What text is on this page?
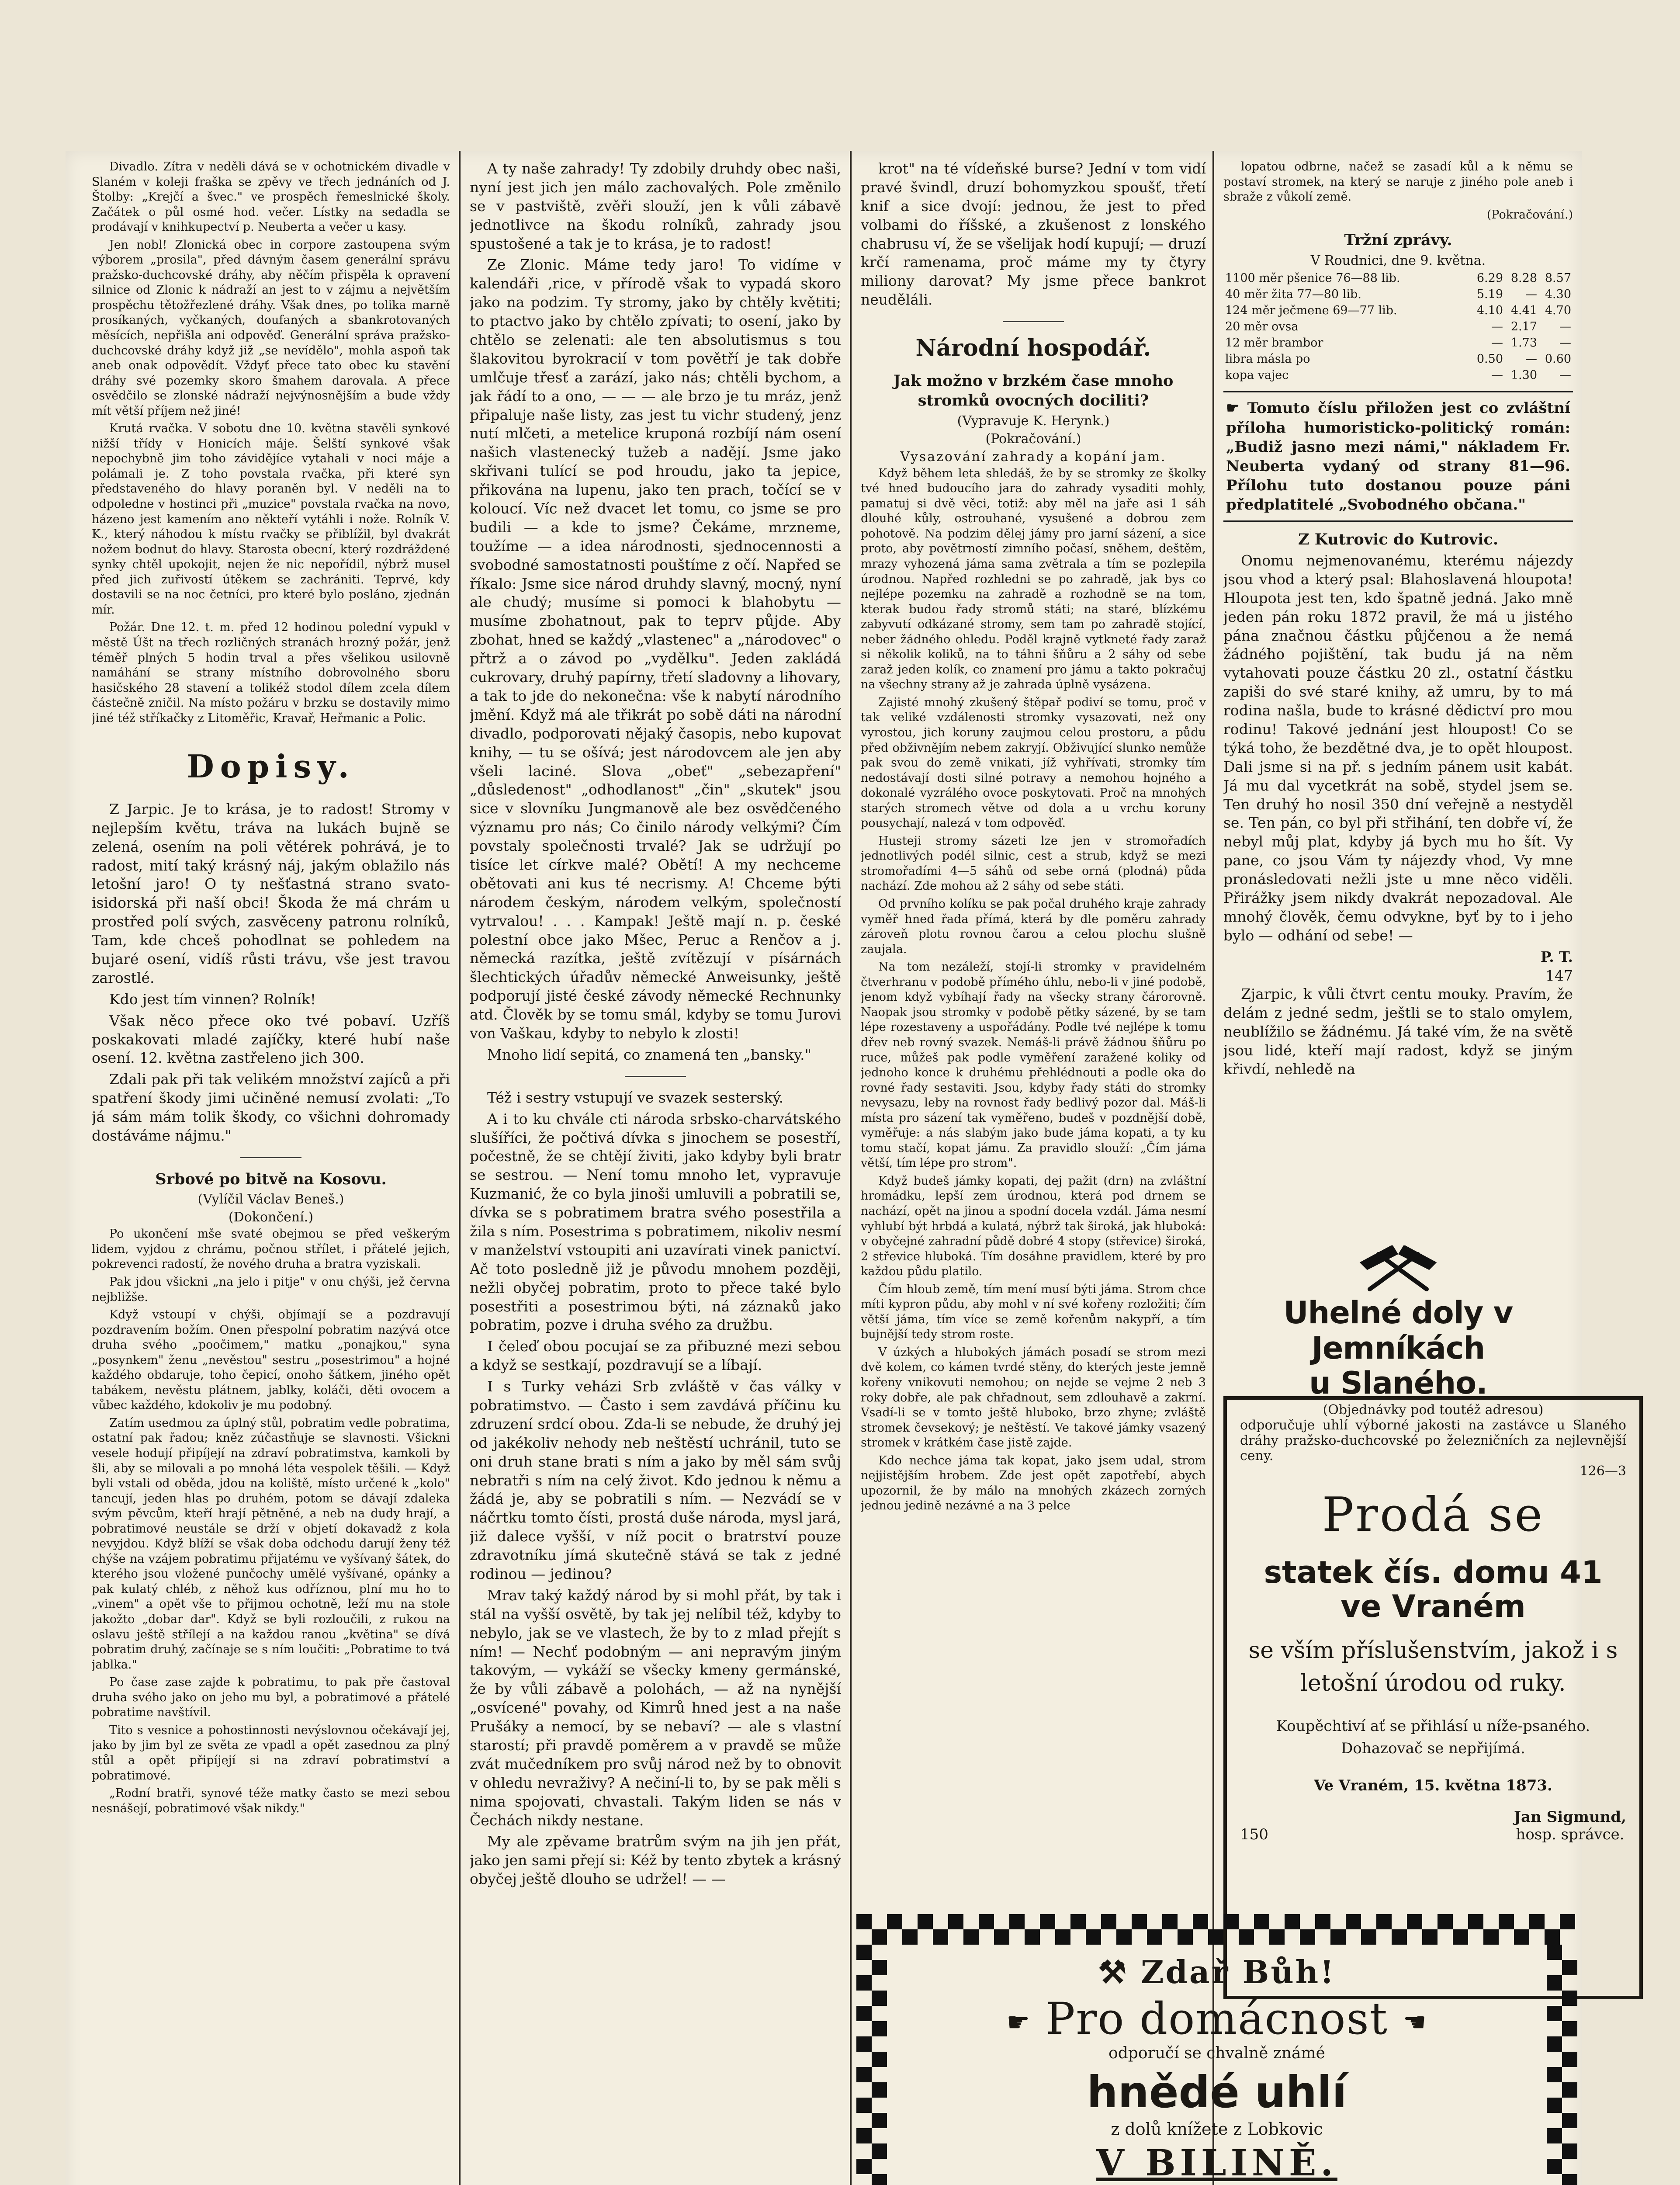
Divadlo. Zítra v neděli dává se v ochotnickém divadle v Slaném v koleji fraška se zpěvy ve třech jednáních od J. Štolby: „Krejčí a švec." ve prospěch řemeslnické školy. Začátek o půl osmé hod. večer. Lístky na sedadla se prodávají v knihkupectví p. Neuberta a večer u kasy.

Jen nobl! Zlonická obec in corpore zastoupena svým výborem „prosila", před dávným časem generální správu pražsko-duchcovské dráhy, aby něčím přispěla k opravení silnice od Zlonic k nádraží an jest to v zájmu a největším prospěchu tětožřezlené dráhy. Však dnes, po tolika marně prosíkaných, vyčkaných, doufaných a sbankrotovaných měsících, nepřišla ani odpověď. Generální správa pražsko-duchcovské dráhy když již „se nevídělo", mohla aspoň tak aneb onak odpovědít. Vždyť přece tato obec ku stavění dráhy své pozemky skoro šmahem darovala. A přece osvědčilo se zlonské nádraží nejvýnosnějším a bude vždy mít větší příjem než jiné!

Krutá rvačka. V sobotu dne 10. května stavěli synkové nižší třídy v Honicích máje. Šelští synkové však nepochybně jim toho závidějíce vytahali v noci máje a polámali je. Z toho povstala rvačka, při které syn představeného do hlavy poraněn byl. V neděli na to odpoledne v hostinci při „muzice" povstala rvačka na novo, házeno jest kamením ano někteří vytáhli i nože. Rolník V. K., který náhodou k místu rvačky se přiblížil, byl dvakrát nožem bodnut do hlavy. Starosta obecní, který rozdráždené synky chtěl upokojit, nejen že nic nepořídil, nýbrž musel před jich zuřivostí útěkem se zachrániti. Teprvé, kdy dostavili se na noc četníci, pro které bylo posláno, zjednán mír.

Požár. Dne 12. t. m. před 12 hodinou polední vypukl v městě Úšt na třech rozličných stranách hrozný požár, jenž téměř plných 5 hodin trval a přes všelikou usilovně namáhání se strany místního dobrovolného sboru hasičského 28 stavení a tolikéž stodol dílem zcela dílem částečně zničil. Na místo požáru v brzku se dostavily mimo jiné též stříkačky z Litoměřic, Kravař, Heřmanic a Polic.

Dopisy.

Z Jarpic. Je to krása, je to radost! Stromy v nejlepším květu, tráva na lukách bujně se zelená, osením na poli větérek pohrává, je to radost, mití taký krásný náj, jakým oblažilo nás letošní jaro! O ty nešťastná strano svato-isidorská při naší obci! Škoda že má chrám u prostřed polí svých, zasvěceny patronu rolníků, Tam, kde chceš pohodlnat se pohledem na bujaré osení, vidíš růsti trávu, vše jest travou zarostlé.

Kdo jest tím vinnen? Rolník!

Však něco přece oko tvé pobaví. Uzříš poskakovati mladé zajíčky, které hubí naše osení. 12. května zastřeleno jich 300.

Zdali pak při tak velikém množství zajíců a při spatření škody jimi učiněné nemusí zvolati: „To já sám mám tolik škody, co všichni dohromady dostáváme nájmu."

Srbové po bitvě na Kosovu.
(Vylíčil Václav Beneš.)
(Dokončení.)

Po ukončení mše svaté obejmou se před veškerým lidem, vyjdou z chrámu, počnou střílet, i přátelé jejich, pokrevenci radostí, že nového druha a bratra vyziskali.

Pak jdou všickni „na jelo i pitje" v onu chýši, jež června nejbližše.

Když vstoupí v chýši, objímají se a pozdravují pozdravením božím. Onen přespolní pobratim nazývá otce druha svého „poočimem," matku „ponajkou," syna „posynkem" ženu „nevěstou" sestru „posestrimou" a hojné každého obdaruje, toho čepicí, onoho šátkem, jiného opět tabákem, nevěstu plátnem, jablky, koláči, děti ovocem a vůbec každého, kdokoliv je mu podobný.

Zatím usedmou za úplný stůl, pobratim vedle pobratima, ostatní pak řadou; kněz zúčastňuje se slavnosti. Všickni vesele hodují připíjejí na zdraví pobratimstva, kamkoli by šli, aby se milovali a po mnohá léta vespolek těšili. — Když byli vstali od oběda, jdou na koliště, místo určené k „kolo" tancují, jeden hlas po druhém, potom se dávají zdaleka svým pěvcům, kteří hrají pětněné, a neb na dudy hrají, a pobratimové neustále se drží v objetí dokavadž z kola nevyjdou. Když blíží se však doba odchodu darují ženy též chýše na vzájem pobratimu přijatému ve vyšívaný šátek, do kterého jsou vložené punčochy umělé vyšívané, opánky a pak kulatý chléb, z něhož kus odříznou, plní mu ho to „vinem" a opět vše to přijmou ochotně, leží mu na stole jakožto „dobar dar". Když se byli rozloučili, z rukou na oslavu ještě střílejí a na každou ranou „květina" se dívá pobratim druhý, začínaje se s ním loučiti: „Pobratime to tvá jablka."

Po čase zase zajde k pobratimu, to pak pře častoval druha svého jako on jeho mu byl, a pobratimové a přátelé pobratime navštívil.

Tito s vesnice a pohostinnosti nevýslovnou očekávají jej, jako by jim byl ze světa ze vpadl a opět zasednou za plný stůl a opět připíjejí si na zdraví pobratimství a pobratimové.

„Rodní bratři, synové téže matky často se mezi sebou nesnášejí, pobratimové však nikdy."

A ty naše zahrady! Ty zdobily druhdy obec naši, nyní jest jich jen málo zachovalých. Pole změnilo se v pastviště, zvěři slouží, jen k vůli zábavě jednotlivce na škodu rolníků, zahrady jsou spustošené a tak je to krása, je to radost!

Ze Zlonic. Máme tedy jaro! To vidíme v kalendáři ,rice, v přírodě však to vypadá skoro jako na podzim. Ty stromy, jako by chtěly květiti; to ptactvo jako by chtělo zpívati; to osení, jako by chtělo se zelenati: ale ten absolutismus s tou šlakovitou byrokracií v tom povětří je tak dobře umlčuje třesť a zarází, jako nás; chtěli bychom, a jak řádí to a ono, — — — ale brzo je tu mráz, jenž připaluje naše listy, zas jest tu vichr studený, jenz nutí mlčeti, a metelice kruponá rozbíjí nám osení našich vlastenecký tužeb a nadějí. Jsme jako skřivani tulící se pod hroudu, jako ta jepice, přikována na lupenu, jako ten prach, točící se v koloucí. Víc než dvacet let tomu, co jsme se pro budili — a kde to jsme? Čekáme, mrzneme, toužíme — a idea národnosti, sjednocennosti a svobodné samostatnosti pouštíme z očí. Napřed se říkalo: Jsme sice národ druhdy slavný, mocný, nyní ale chudý; musíme si pomoci k blahobytu — musíme zbohatnout, pak to teprv půjde. Aby zbohat, hned se každý „vlastenec" a „národovec" o přtrž a o závod po „vydělku". Jeden zakládá cukrovary, druhý papírny, třetí sladovny a lihovary, a tak to jde do nekonečna: vše k nabytí národního jmění. Když má ale třikrát po sobě dáti na národní divadlo, podporovati nějaký časopis, nebo kupovat knihy, — tu se ošívá; jest národovcem ale jen aby všeli laciné. Slova „obeť" „sebezapření" „důsledenost" „odhodlanost" „čin" „skutek" jsou sice v slovníku Jungmanově ale bez osvědčeného významu pro nás; Co činilo národy velkými? Čím povstaly společnosti trvalé? Jak se udržují po tisíce let církve malé? Obětí! A my nechceme obětovati ani kus té necrismy. A! Chceme býti národem českým, národem velkým, společností vytrvalou! . . . Kampak! Ještě mají n. p. české polestní obce jako Mšec, Peruc a Renčov a j. německá razítka, ještě zvítězují v písárnách šlechtických úřadův německé Anweisunky, ještě podporují jisté české závody německé Rechnunky atd. Člověk by se tomu smál, kdyby se tomu Jurovi von Vaškau, kdyby to nebylo k zlosti!

Mnoho lidí sepitá, co znamená ten „bansky."

Též i sestry vstupují ve svazek sesterský.

A i to ku chvále cti národa srbsko-charvátského slušíříci, že počtivá dívka s jinochem se posestří, počestně, že se chtějí živiti, jako kdyby byli bratr se sestrou. — Není tomu mnoho let, vypravuje Kuzmanić, že co byla jinoši umluvili a pobratili se, dívka se s pobratimem bratra svého posestřila a žila s ním. Posestrima s pobratimem, nikoliv nesmí v manželství vstoupiti ani uzavírati vinek panictví. Ač toto posledně již je původu mnohem později, nežli obyčej pobratim, proto to přece také bylo posestřiti a posestrimou býti, ná záznaků jako pobratim, pozve i druha svého za družbu.

I čeleď obou pocujaí se za přibuzné mezi sebou a když se sestkají, pozdravují se a líbají.

I s Turky veházi Srb zvláště v čas války v pobratimstvo. — Často i sem zavdává příčinu ku zdruzení srdcí obou. Zda-li se nebude, že druhý jej od jakékoliv nehody neb neštěstí uchránil, tuto se oni druh stane brati s ním a jako by měl sám svůj nebratři s ním na celý život. Kdo jednou k němu a žádá je, aby se pobratili s ním. — Nezvádí se v náčrtku tomto čísti, prostá duše národa, mysl jará, již dalece vyšší, v níž pocit o bratrství pouze zdravotníku jímá skutečně stává se tak z jedné rodinou — jedinou?

Mrav taký každý národ by si mohl přát, by tak i stál na vyšší osvětě, by tak jej nelíbil též, kdyby to nebylo, jak se ve vlastech, že by to z mlad přejít s ním! — Nechť podobným — ani nepravým jiným takovým, — vykáží se všecky kmeny germánské, že by vůli zábavě a polohách, — až na nynější „osvícené" povahy, od Kimrů hned jest a na naše Prušáky a nemocí, by se nebaví? — ale s vlastní starostí; při pravdě poměrem a v pravdě se může zvát mučedníkem pro svůj národ než by to obnovit v ohledu nevraživy? A nečiní-li to, by se pak měli s nima spojovati, chvastali. Takým liden se nás v Čechách nikdy nestane.

My ale zpěvame bratrům svým na jih jen přát, jako jen sami přejí si: Kéž by tento zbytek a krásný obyčej ještě dlouho se udržel! — —

krot" na té vídeňské burse? Jední v tom vidí pravé švindl, druzí bohomyzkou spoušť, třetí knif a sice dvojí: jednou, že jest to před volbami do říšské, a zkušenost z lonského chabrusu ví, že se všelijak hodí kupují; — druzí krčí ramenama, proč máme my ty čtyry miliony darovat? My jsme přece bankrot neuděláli.

Národní hospodář.
Jak možno v brzkém čase mnoho stromků ovocných dociliti?
(Vypravuje K. Herynk.)
(Pokračování.)
Vysazování zahrady a kopání jam.

Když během leta shledáš, že by se stromky ze školky tvé hned budoucího jara do zahrady vysaditi mohly, pamatuj si dvě věci, totiž: aby měl na jaře asi 1 sáh dlouhé kůly, ostrouhané, vysušené a dobrou zem pohotově. Na podzim dělej jámy pro jarní sázení, a sice proto, aby povětrností zimního počasí, sněhem, deštěm, mrazy vyhozená jáma sama zvětrala a tím se pozlepila úrodnou. Napřed rozhledni se po zahradě, jak bys co nejlépe pozemku na zahradě a rozhodně se na tom, kterak budou řady stromů státi; na staré, blízkému zabyvutí odkázané stromy, sem tam po zahradě stojící, neber žádného ohledu. Poděl krajně vytkneté řady zaraž si několik koliků, na to táhni šňůru a 2 sáhy od sebe zaraž jeden kolík, co znamení pro jámu a takto pokračuj na všechny strany až je zahrada úplně vysázena.

Zajisté mnohý zkušený štěpař podiví se tomu, proč v tak veliké vzdálenosti stromky vysazovati, než ony vyrostou, jich koruny zaujmou celou prostoru, a půdu před obživnějím nebem zakryjí. Obživující slunko nemůže pak svou do země vnikati, jíž vyhřívati, stromky tím nedostávají dosti silné potravy a nemohou hojného a dokonalé vyzrálého ovoce poskytovati. Proč na mnohých starých stromech větve od dola a u vrchu koruny pousychají, nalezá v tom odpověď.

Husteji stromy sázeti lze jen v stromořadích jednotlivých podél silnic, cest a strub, když se mezi stromořadími 4—5 sáhů od sebe orná (plodná) půda nachází. Zde mohou až 2 sáhy od sebe státi.

Od prvního kolíku se pak počal druhého kraje zahrady vyměř hned řada přímá, která by dle poměru zahrady zároveň plotu rovnou čarou a celou plochu slušně zaujala.

Na tom nezáleží, stojí-li stromky v pravidelném čtverhranu v podobě přímého úhlu, nebo-li v jiné podobě, jenom když vybíhají řady na všecky strany čárorovně. Naopak jsou stromky v podobě pětky sázené, by se tam lépe rozestaveny a uspořádány. Podle tvé nejlépe k tomu dřev neb rovný svazek. Nemáš-li právě žádnou šňůru po ruce, můžeš pak podle vyměření zaražené koliky od jednoho konce k druhému přehlédnouti a podle oka do rovné řady sestaviti. Jsou, kdyby řady státi do stromky nevysazu, leby na rovnost řady bedlivý pozor dal. Máš-li místa pro sázení tak vyměřeno, budeš v pozdnější době, vyměřuje: a nás slabým jako bude jáma kopati, a ty ku tomu stačí, kopat jámu. Za pravidlo slouží: „Čím jáma větší, tím lépe pro strom".

Když budeš jámky kopati, dej pažit (drn) na zvláštní hromádku, lepší zem úrodnou, která pod drnem se nachází, opět na jinou a spodní docela vzdál. Jáma nesmí vyhlubí být hrbdá a kulatá, nýbrž tak široká, jak hluboká: v obyčejné zahradní půdě dobré 4 stopy (střevice) široká, 2 střevice hluboká. Tím dosáhne pravidlem, které by pro každou půdu platilo.

Čím hloub země, tím mení musí býti jáma. Strom chce míti kypron půdu, aby mohl v ní své kořeny rozložiti; čím větší jáma, tím více se země kořenům nakypří, a tím bujnější tedy strom roste.

V úzkých a hlubokých jámách posadí se strom mezi dvě kolem, co kámen tvrdé stěny, do kterých jeste jemně kořeny vnikovuti nemohou; on nejde se vejme 2 neb 3 roky dobře, ale pak chřadnout, sem zdlouhavě a zakrní. Vsadí-li se v tomto ještě hluboko, brzo zhyne; zvláště stromek čevsekový; je neštěstí. Ve takové jámky vsazený stromek v krátkém čase jistě zajde.

Kdo nechce jáma tak kopat, jako jsem udal, strom nejjistějším hrobem. Zde jest opět zapotřebí, abych upozornil, že by málo na mnohých zkázech zorných jednou jedině nezávné a na 3 pelce

lopatou odbrne, načež se zasadí kůl a k němu se postaví stromek, na který se naruje z jiného pole aneb i sbraže z vůkolí země.

(Pokračování.)
Tržní zprávy.
V Roudnici, dne 9. května.
1100 měr pšenice 76—88 lib.	6.29	8.28	8.57
40 měr žita 77—80 lib.	5.19	—	4.30
124 měr ječmene 69—77 lib.	4.10	4.41	4.70
20 měr ovsa	—	2.17	—
12 měr brambor	—	1.73	—
libra másla po	0.50	—	0.60
kopa vajec	—	1.30	—
☛ Tomuto číslu přiložen jest co zvláštní příloha humoristicko-politický román: „Budiž jasno mezi námi," nákladem Fr. Neuberta vydaný od strany 81—96. Přílohu tuto dostanou pouze páni předplatitelé „Svobodného občana."
Z Kutrovic do Kutrovic.

Onomu nejmenovanému, kterému nájezdy jsou vhod a který psal: Blahoslavená hloupota! Hloupota jest ten, kdo špatně jedná. Jako mně jeden pán roku 1872 pravil, že má u jistého pána značnou částku půjčenou a že nemá žádného pojištění, tak budu já na něm vytahovati pouze částku 20 zl., ostatní částku zapiši do své staré knihy, až umru, by to má rodina našla, bude to krásné dědictví pro mou rodinu! Takové jednání jest hloupost! Co se týká toho, že bezdětné dva, je to opět hloupost. Dali jsme si na př. s jedním pánem usit kabát. Já mu dal vycetkrát na sobě, stydel jsem se. Ten druhý ho nosil 350 dní veřejně a nestyděl se. Ten pán, co byl při střihání, ten dobře ví, že nebyl můj plat, kdyby já bych mu ho šít. Vy pane, co jsou Vám ty nájezdy vhod, Vy mne pronásledovati nežli jste u mne něco viděli. Přirážky jsem nikdy dvakrát nepozadoval. Ale mnohý člověk, čemu odvykne, byť by to i jeho bylo — odhání od sebe! —

P. T.
147

Zjarpic, k vůli čtvrt centu mouky. Pravím, že delám z jedné sedm, ještli se to stalo omylem, neublížilo se žádnému. Já také vím, že na světě jsou lidé, kteří mají radost, když se jiným křivdí, nehledě na

Uhelné doly v Jemníkách
u Slaného.
(Objednávky pod toutéž adresou)
odporučuje uhlí výborné jakosti na zastávce u Slaného dráhy pražsko-duchcovské po železničních za nejlevnější ceny.
126—3
Prodá se
statek čís. domu 41
ve Vraném
se vším příslušenstvím, jakož i s letošní úrodou od ruky.
Koupěchtiví ať se přihlásí u níže-psaného. Dohazovač se nepřijímá.
Ve Vraném, 15. května 1873.
150
Jan Sigmund,
hosp. správce.
⚒ Zdař Bůh!
☛ Pro domácnost ☚
odporučí se chvalně známé
hnědé uhlí
z dolů knížete z Lobkovic
V BILINĚ.
